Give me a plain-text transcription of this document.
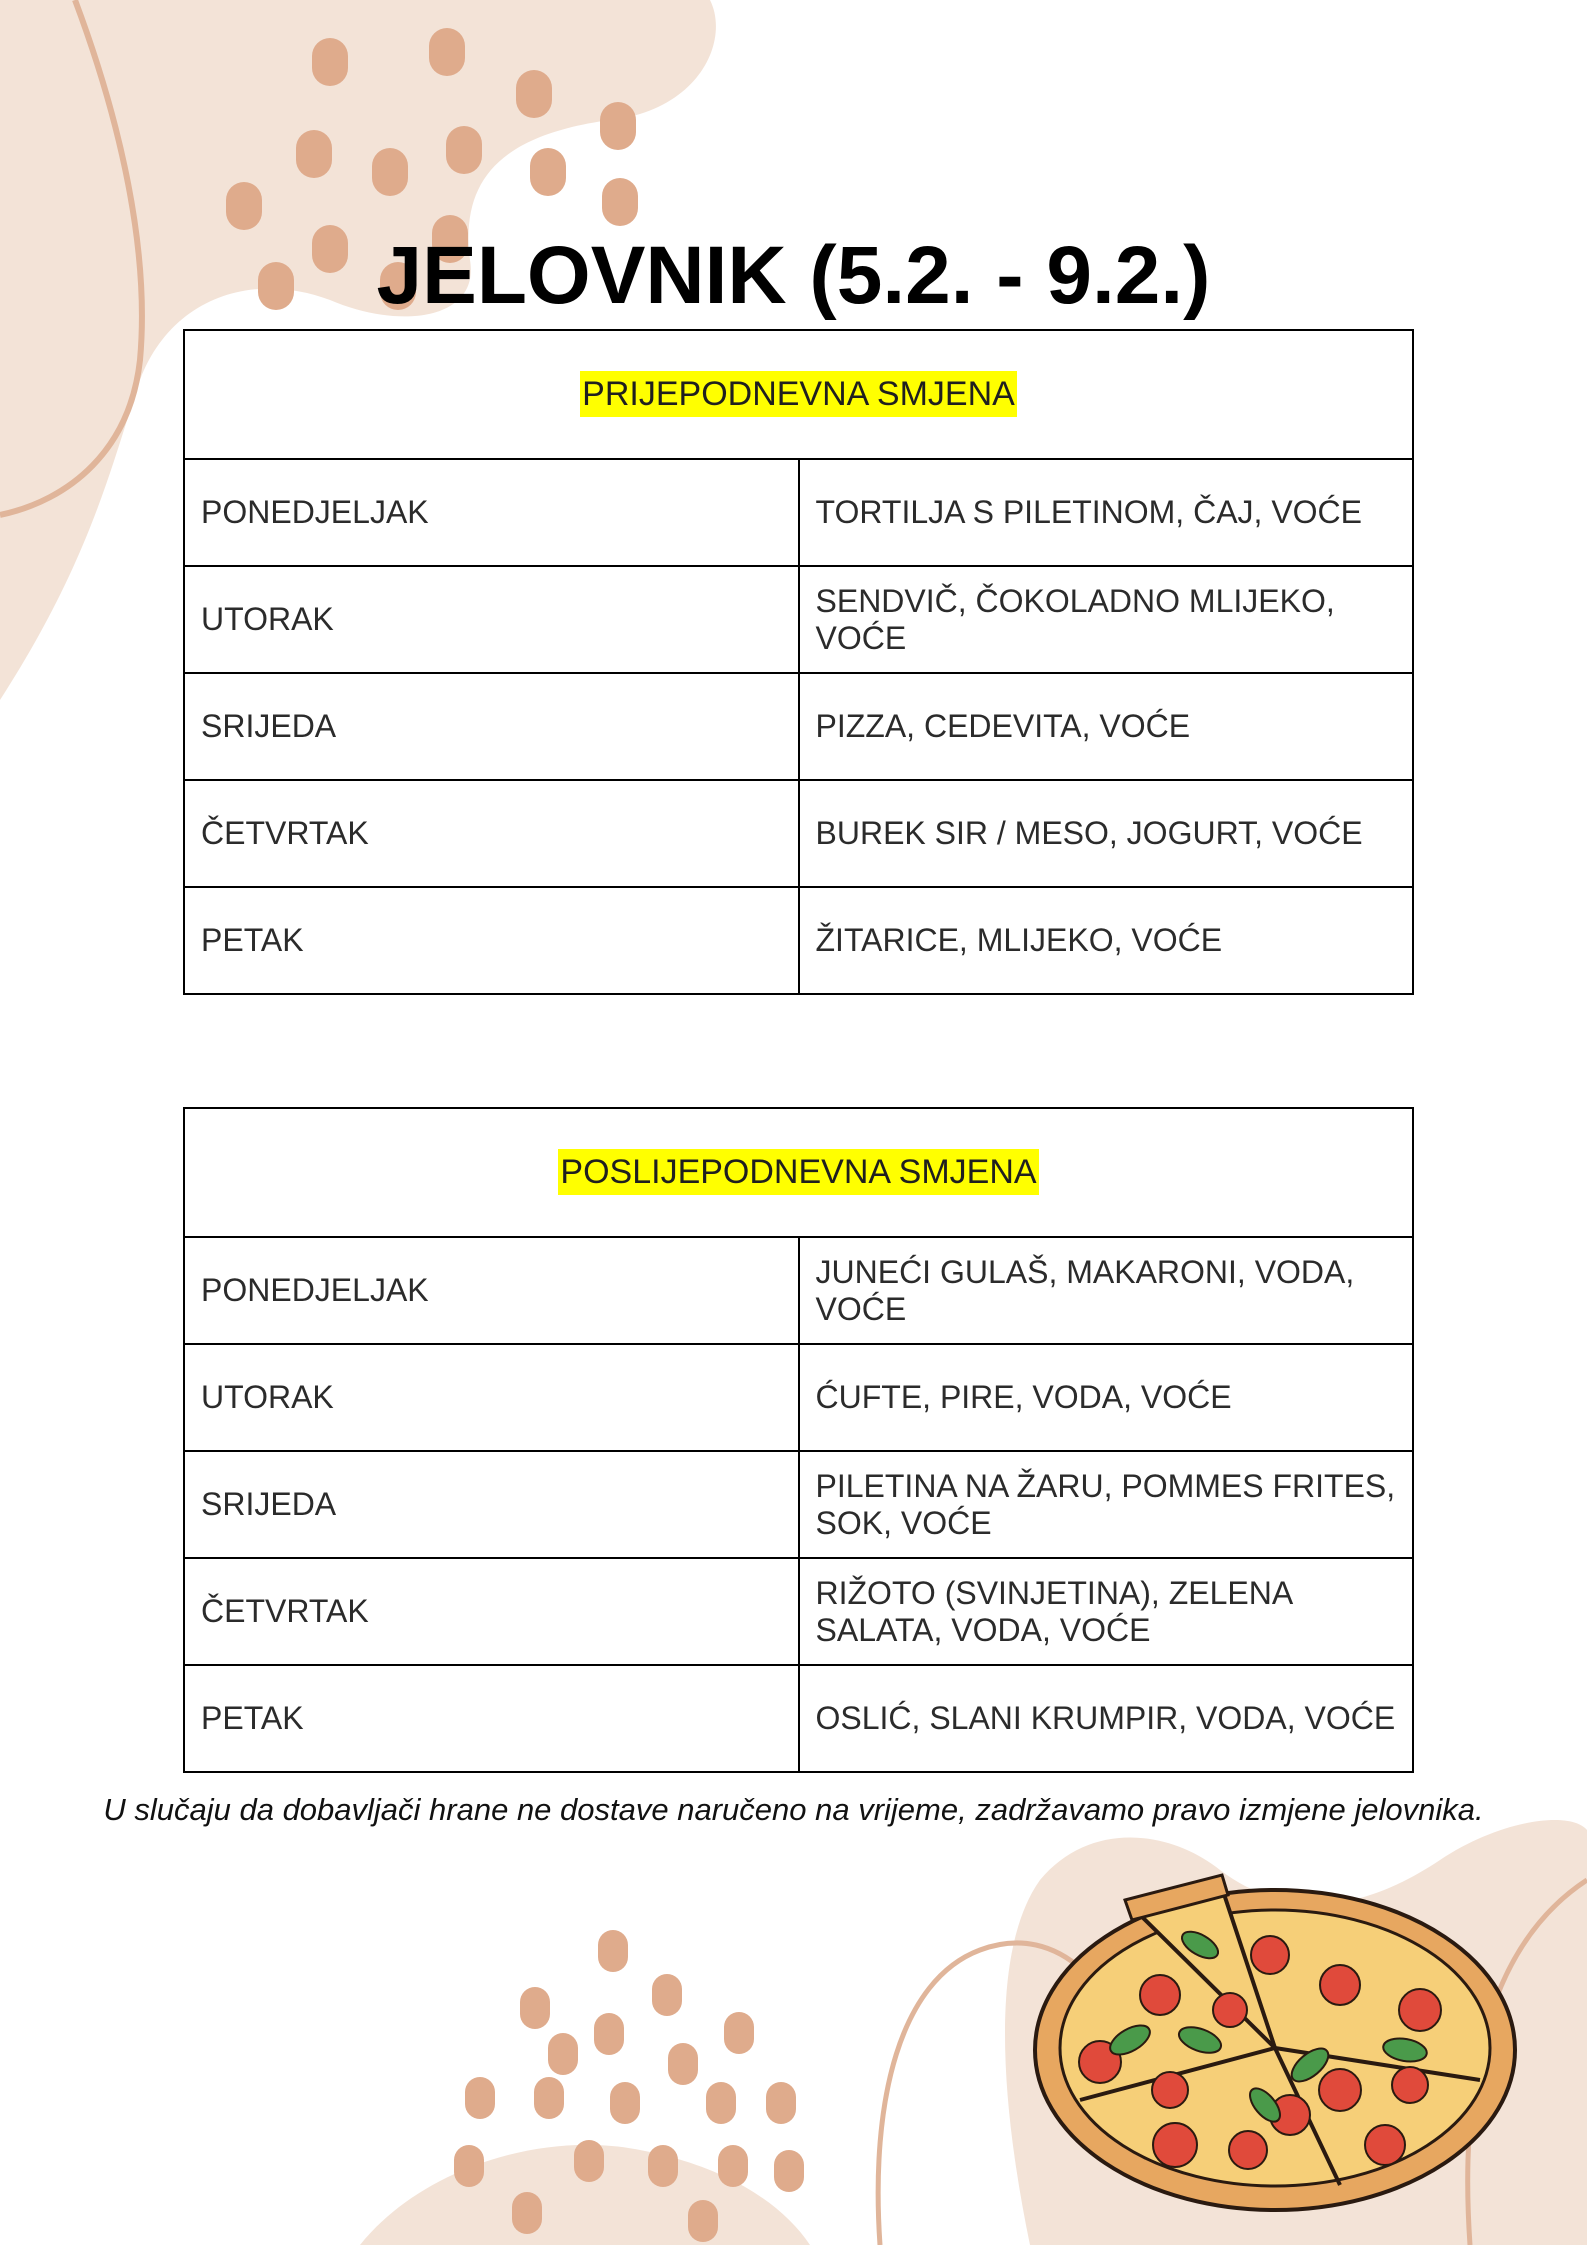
JELOVNIK (5.2. - 9.2.)
PRIJEPODNEVNA SMJENA	
PONEDJELJAK	TORTILJA S PILETINOM, ČAJ, VOĆE
UTORAK	SENDVIČ, ČOKOLADNO MLIJEKO, VOĆE
SRIJEDA	PIZZA, CEDEVITA, VOĆE
ČETVRTAK	BUREK SIR / MESO, JOGURT, VOĆE
PETAK	ŽITARICE, MLIJEKO, VOĆE
POSLIJEPODNEVNA SMJENA	
PONEDJELJAK	JUNEĆI GULAŠ, MAKARONI, VODA, VOĆE
UTORAK	ĆUFTE, PIRE, VODA, VOĆE
SRIJEDA	PILETINA NA ŽARU, POMMES FRITES, SOK, VOĆE
ČETVRTAK	RIŽOTO (SVINJETINA), ZELENA SALATA, VODA, VOĆE
PETAK	OSLIĆ, SLANI KRUMPIR, VODA, VOĆE

U slučaju da dobavljači hrane ne dostave naručeno na vrijeme, zadržavamo pravo izmjene jelovnika.
